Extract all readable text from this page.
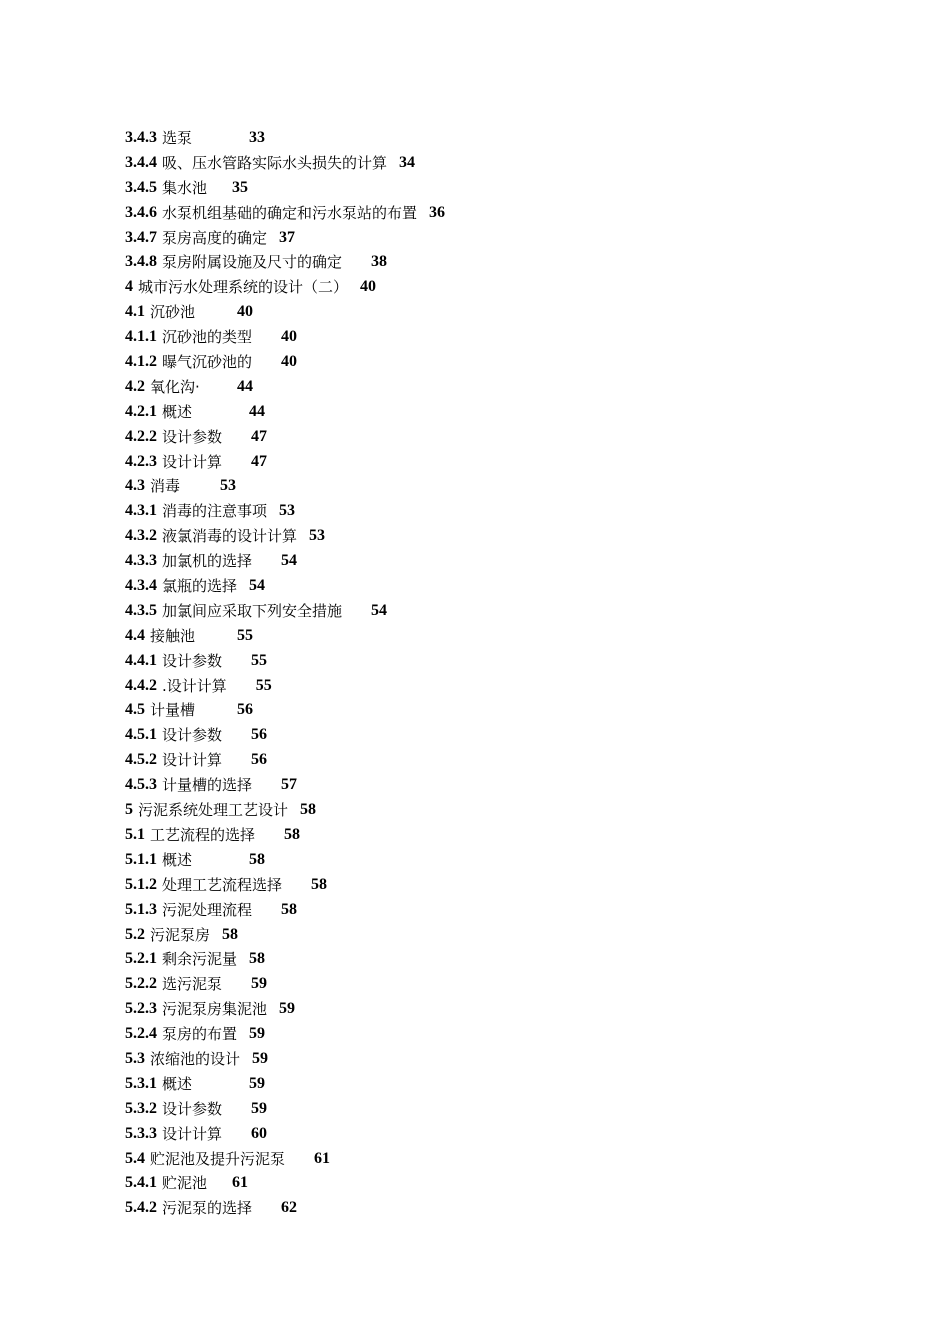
3.4.3 选泵	33
3.4.4 吸、压水管路实际水头损失的计算 34
3.4.5 集水池	35
3.4.6 水泵机组基础的确定和污水泵站的布置 36
3.4.7 泵房高度的确定 37
3.4.8 泵房附属设施及尺寸的确定 38
4 城市污水处理系统的设计（二） 40
4.1 沉砂池	40
4.1.1 沉砂池的类型 40
4.1.2 曝气沉砂池的 40
4.2 氧化沟·	44
4.2.1 概述	44
4.2.2 设计参数 47
4.2.3 设计计算 47
4.3 消毒	53
4.3.1 消毒的注意事项 53
4.3.2 液氯消毒的设计计算 53
4.3.3 加氯机的选择 54
4.3.4 氯瓶的选择 54
4.3.5 加氯间应采取下列安全措施 54
4.4 接触池	55
4.4.1 设计参数 55
4.4.2 .设计计算 55
4.5 计量槽	56
4.5.1 设计参数 56
4.5.2 设计计算 56
4.5.3 计量槽的选择 57
5 污泥系统处理工艺设计 58
5.1 工艺流程的选择 58
5.1.1 概述	58
5.1.2 处理工艺流程选择 58
5.1.3 污泥处理流程 58
5.2 污泥泵房 58
5.2.1 剩余污泥量 58
5.2.2 选污泥泵 59
5.2.3 污泥泵房集泥池 59
5.2.4 泵房的布置 59
5.3 浓缩池的设计 59
5.3.1 概述	59
5.3.2 设计参数 59
5.3.3 设计计算 60
5.4 贮泥池及提升污泥泵 61
5.4.1 贮泥池	61
5.4.2 污泥泵的选择 62
